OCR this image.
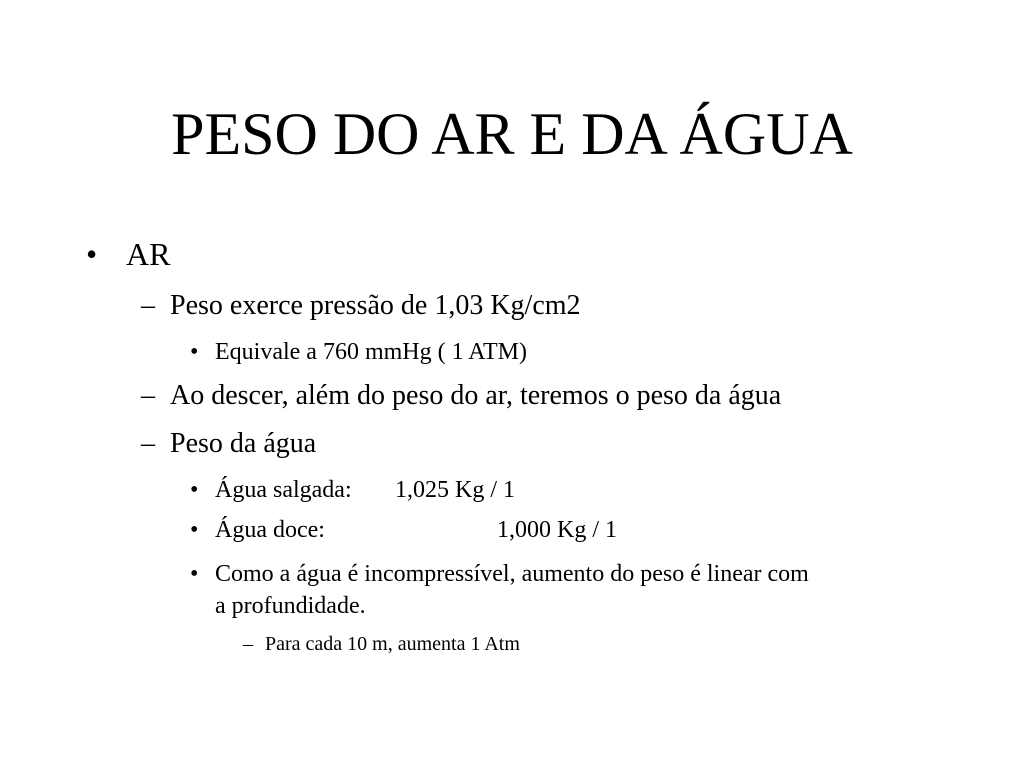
PESO DO AR E DA ÁGUA
• AR
– Peso exerce pressão de 1,03 Kg/cm2
• Equivale a 760 mmHg ( 1 ATM)
– Ao descer, além do peso do ar, teremos o peso da água
– Peso da água
• Água salgada: 1,025 Kg / 1
• Água doce:	1,000 Kg / 1
• Como a água é incompressível, aumento do peso é linear com
a profundidade.
– Para cada 10 m, aumenta 1 Atm
